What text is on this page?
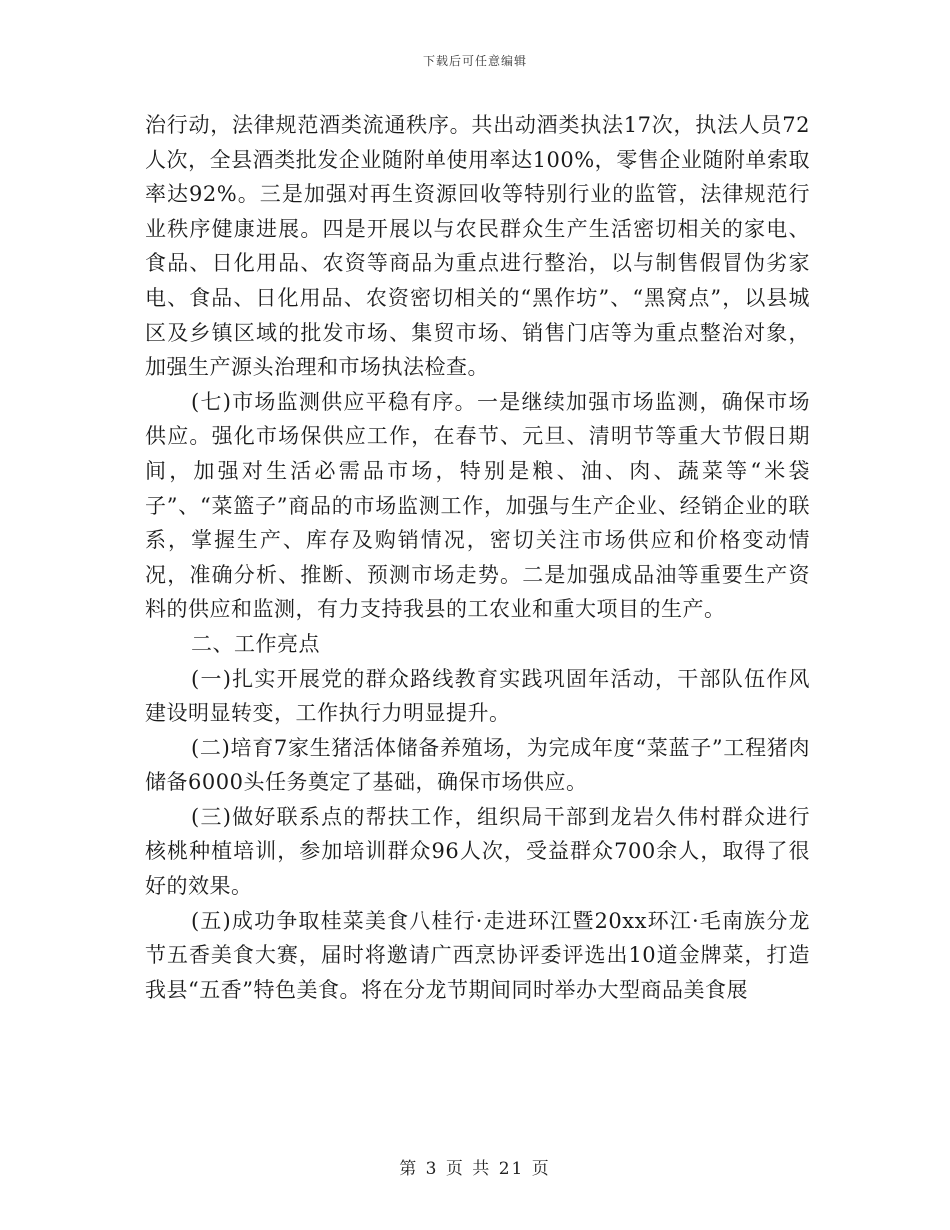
下载后可任意编辑

治行动，法律规范酒类流通秩序。共出动酒类执法17次，执法人员72人次，全县酒类批发企业随附单使用率达100%，零售企业随附单索取率达92%。三是加强对再生资源回收等特别行业的监管，法律规范行业秩序健康进展。四是开展以与农民群众生产生活密切相关的家电、食品、日化用品、农资等商品为重点进行整治，以与制售假冒伪劣家电、食品、日化用品、农资密切相关的“黑作坊”、“黑窝点”，以县城区及乡镇区域的批发市场、集贸市场、销售门店等为重点整治对象，加强生产源头治理和市场执法检查。

(七)市场监测供应平稳有序。一是继续加强市场监测，确保市场供应。强化市场保供应工作，在春节、元旦、清明节等重大节假日期间，加强对生活必需品市场，特别是粮、油、肉、蔬菜等“米袋子”、“菜篮子”商品的市场监测工作，加强与生产企业、经销企业的联系，掌握生产、库存及购销情况，密切关注市场供应和价格变动情况，准确分析、推断、预测市场走势。二是加强成品油等重要生产资料的供应和监测，有力支持我县的工农业和重大项目的生产。

二、工作亮点

(一)扎实开展党的群众路线教育实践巩固年活动，干部队伍作风建设明显转变，工作执行力明显提升。

(二)培育7家生猪活体储备养殖场，为完成年度“菜蓝子”工程猪肉储备6000头任务奠定了基础，确保市场供应。

(三)做好联系点的帮扶工作，组织局干部到龙岩久伟村群众进行核桃种植培训，参加培训群众96人次，受益群众700余人，取得了很好的效果。

(五)成功争取桂菜美食八桂行·走进环江暨20xx环江·毛南族分龙节五香美食大赛，届时将邀请广西烹协评委评选出10道金牌菜，打造我县“五香”特色美食。将在分龙节期间同时举办大型商品美食展

第 3 页 共 21 页
